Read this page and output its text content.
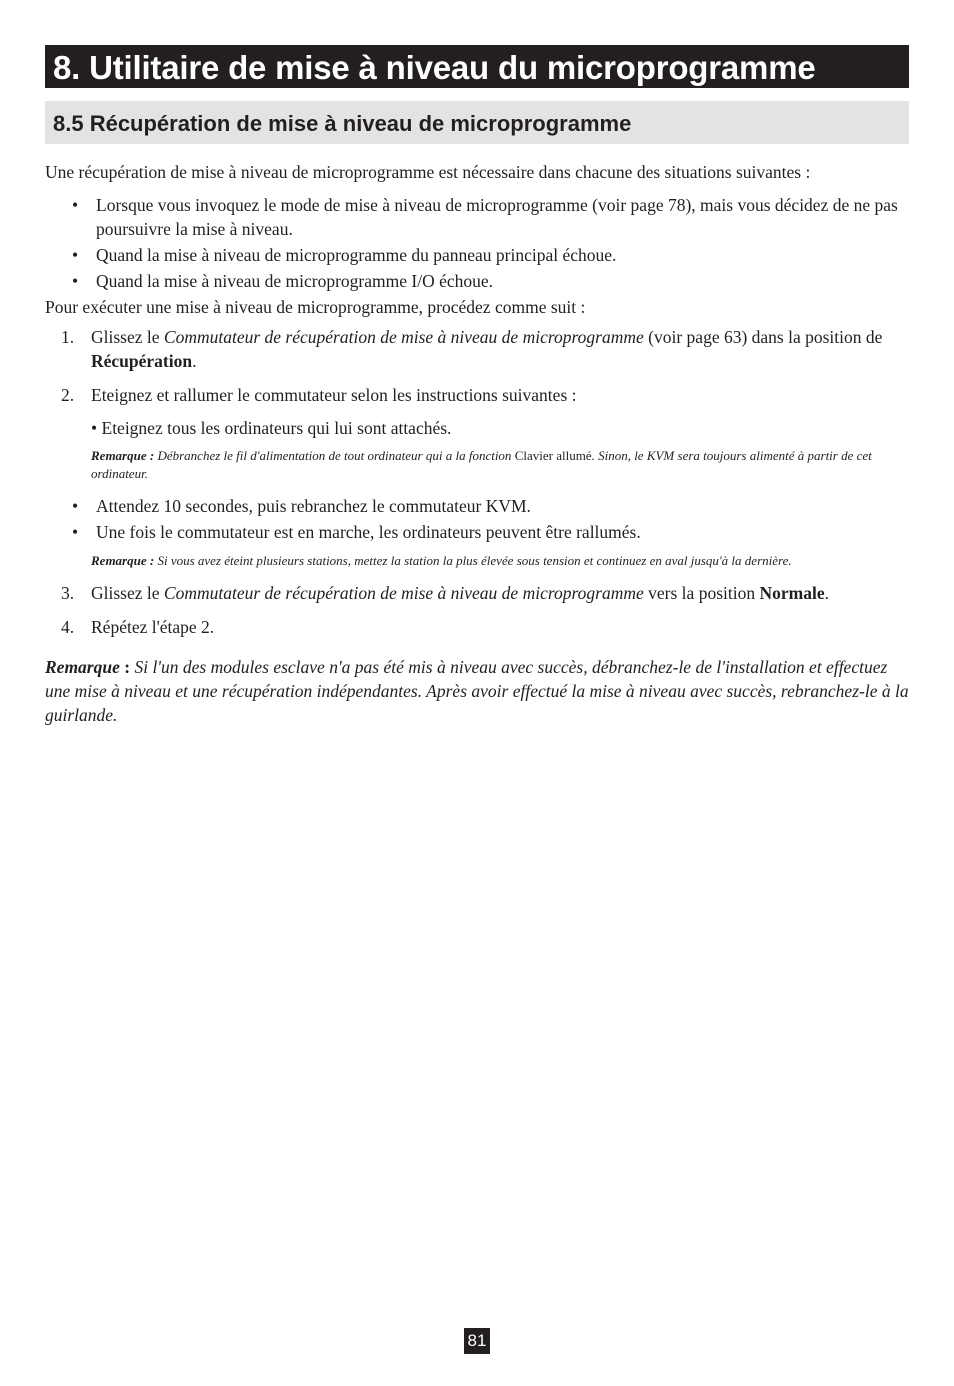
8. Utilitaire de mise à niveau du microprogramme
8.5 Récupération de mise à niveau de microprogramme

Une récupération de mise à niveau de microprogramme est nécessaire dans chacune des situations suivantes :

• Lorsque vous invoquez le mode de mise à niveau de microprogramme (voir page 78), mais vous décidez de ne pas poursuivre la mise à niveau.
• Quand la mise à niveau de microprogramme du panneau principal échoue.
• Quand la mise à niveau de microprogramme I/O échoue.

Pour exécuter une mise à niveau de microprogramme, procédez comme suit :

1. Glissez le Commutateur de récupération de mise à niveau de microprogramme (voir page 63) dans la position de Récupération.
2. Eteignez et rallumer le commutateur selon les instructions suivantes :

• Eteignez tous les ordinateurs qui lui sont attachés.

Remarque : Débranchez le fil d'alimentation de tout ordinateur qui a la fonction Clavier allumé. Sinon, le KVM sera toujours alimenté à partir de cet ordinateur.

• Attendez 10 secondes, puis rebranchez le commutateur KVM.
• Une fois le commutateur est en marche, les ordinateurs peuvent être rallumés.

Remarque : Si vous avez éteint plusieurs stations, mettez la station la plus élevée sous tension et continuez en aval jusqu'à la dernière.

3. Glissez le Commutateur de récupération de mise à niveau de microprogramme vers la position Normale.
4. Répétez l'étape 2.

Remarque : Si l'un des modules esclave n'a pas été mis à niveau avec succès, débranchez-le de l'installation et effectuez une mise à niveau et une récupération indépendantes. Après avoir effectué la mise à niveau avec succès, rebranchez-le à la guirlande.

81
